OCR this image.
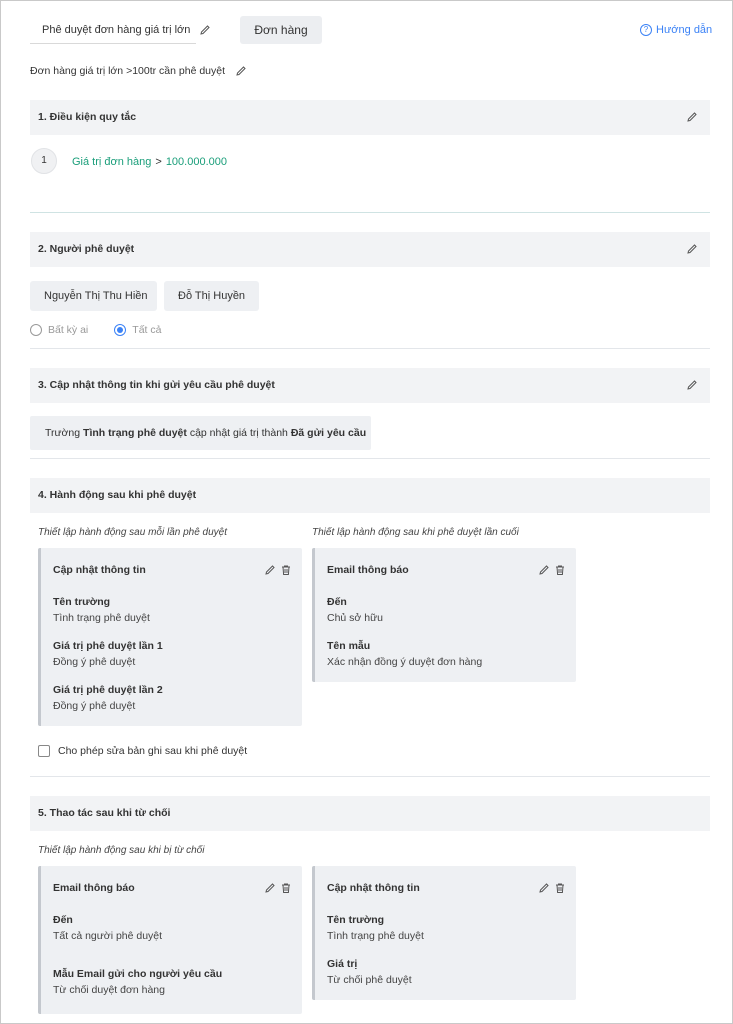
Phê duyệt đơn hàng giá trị lớn	Đơn hàng	? Hướng dẫn
Đơn hàng giá trị lớn >100tr cần phê duyệt
1. Điều kiện quy tắc
1	Giá trị đơn hàng > 100.000.000
2. Người phê duyệt
Nguyễn Thị Thu Hiền	Đỗ Thị Huyền
Bất kỳ ai	Tất cả
3. Cập nhật thông tin khi gửi yêu cầu phê duyệt
Trường Tình trạng phê duyệt cập nhật giá trị thành Đã gửi yêu cầu
4. Hành động sau khi phê duyệt
Thiết lập hành động sau mỗi lần phê duyệt	Thiết lập hành động sau khi phê duyệt lần cuối
Cập nhật thông tin
Tên trường
Tình trạng phê duyệt
Giá trị phê duyệt lần 1
Đồng ý phê duyệt
Giá trị phê duyệt lần 2
Đồng ý phê duyệt
Email thông báo
Đến
Chủ sở hữu
Tên mẫu
Xác nhận đồng ý duyệt đơn hàng
Cho phép sửa bản ghi sau khi phê duyệt
5. Thao tác sau khi từ chối
Thiết lập hành động sau khi bị từ chối
Email thông báo
Đến
Tất cả người phê duyệt
Mẫu Email gửi cho người yêu cầu
Từ chối duyệt đơn hàng
Cập nhật thông tin
Tên trường
Tình trạng phê duyệt
Giá trị
Từ chối phê duyệt
